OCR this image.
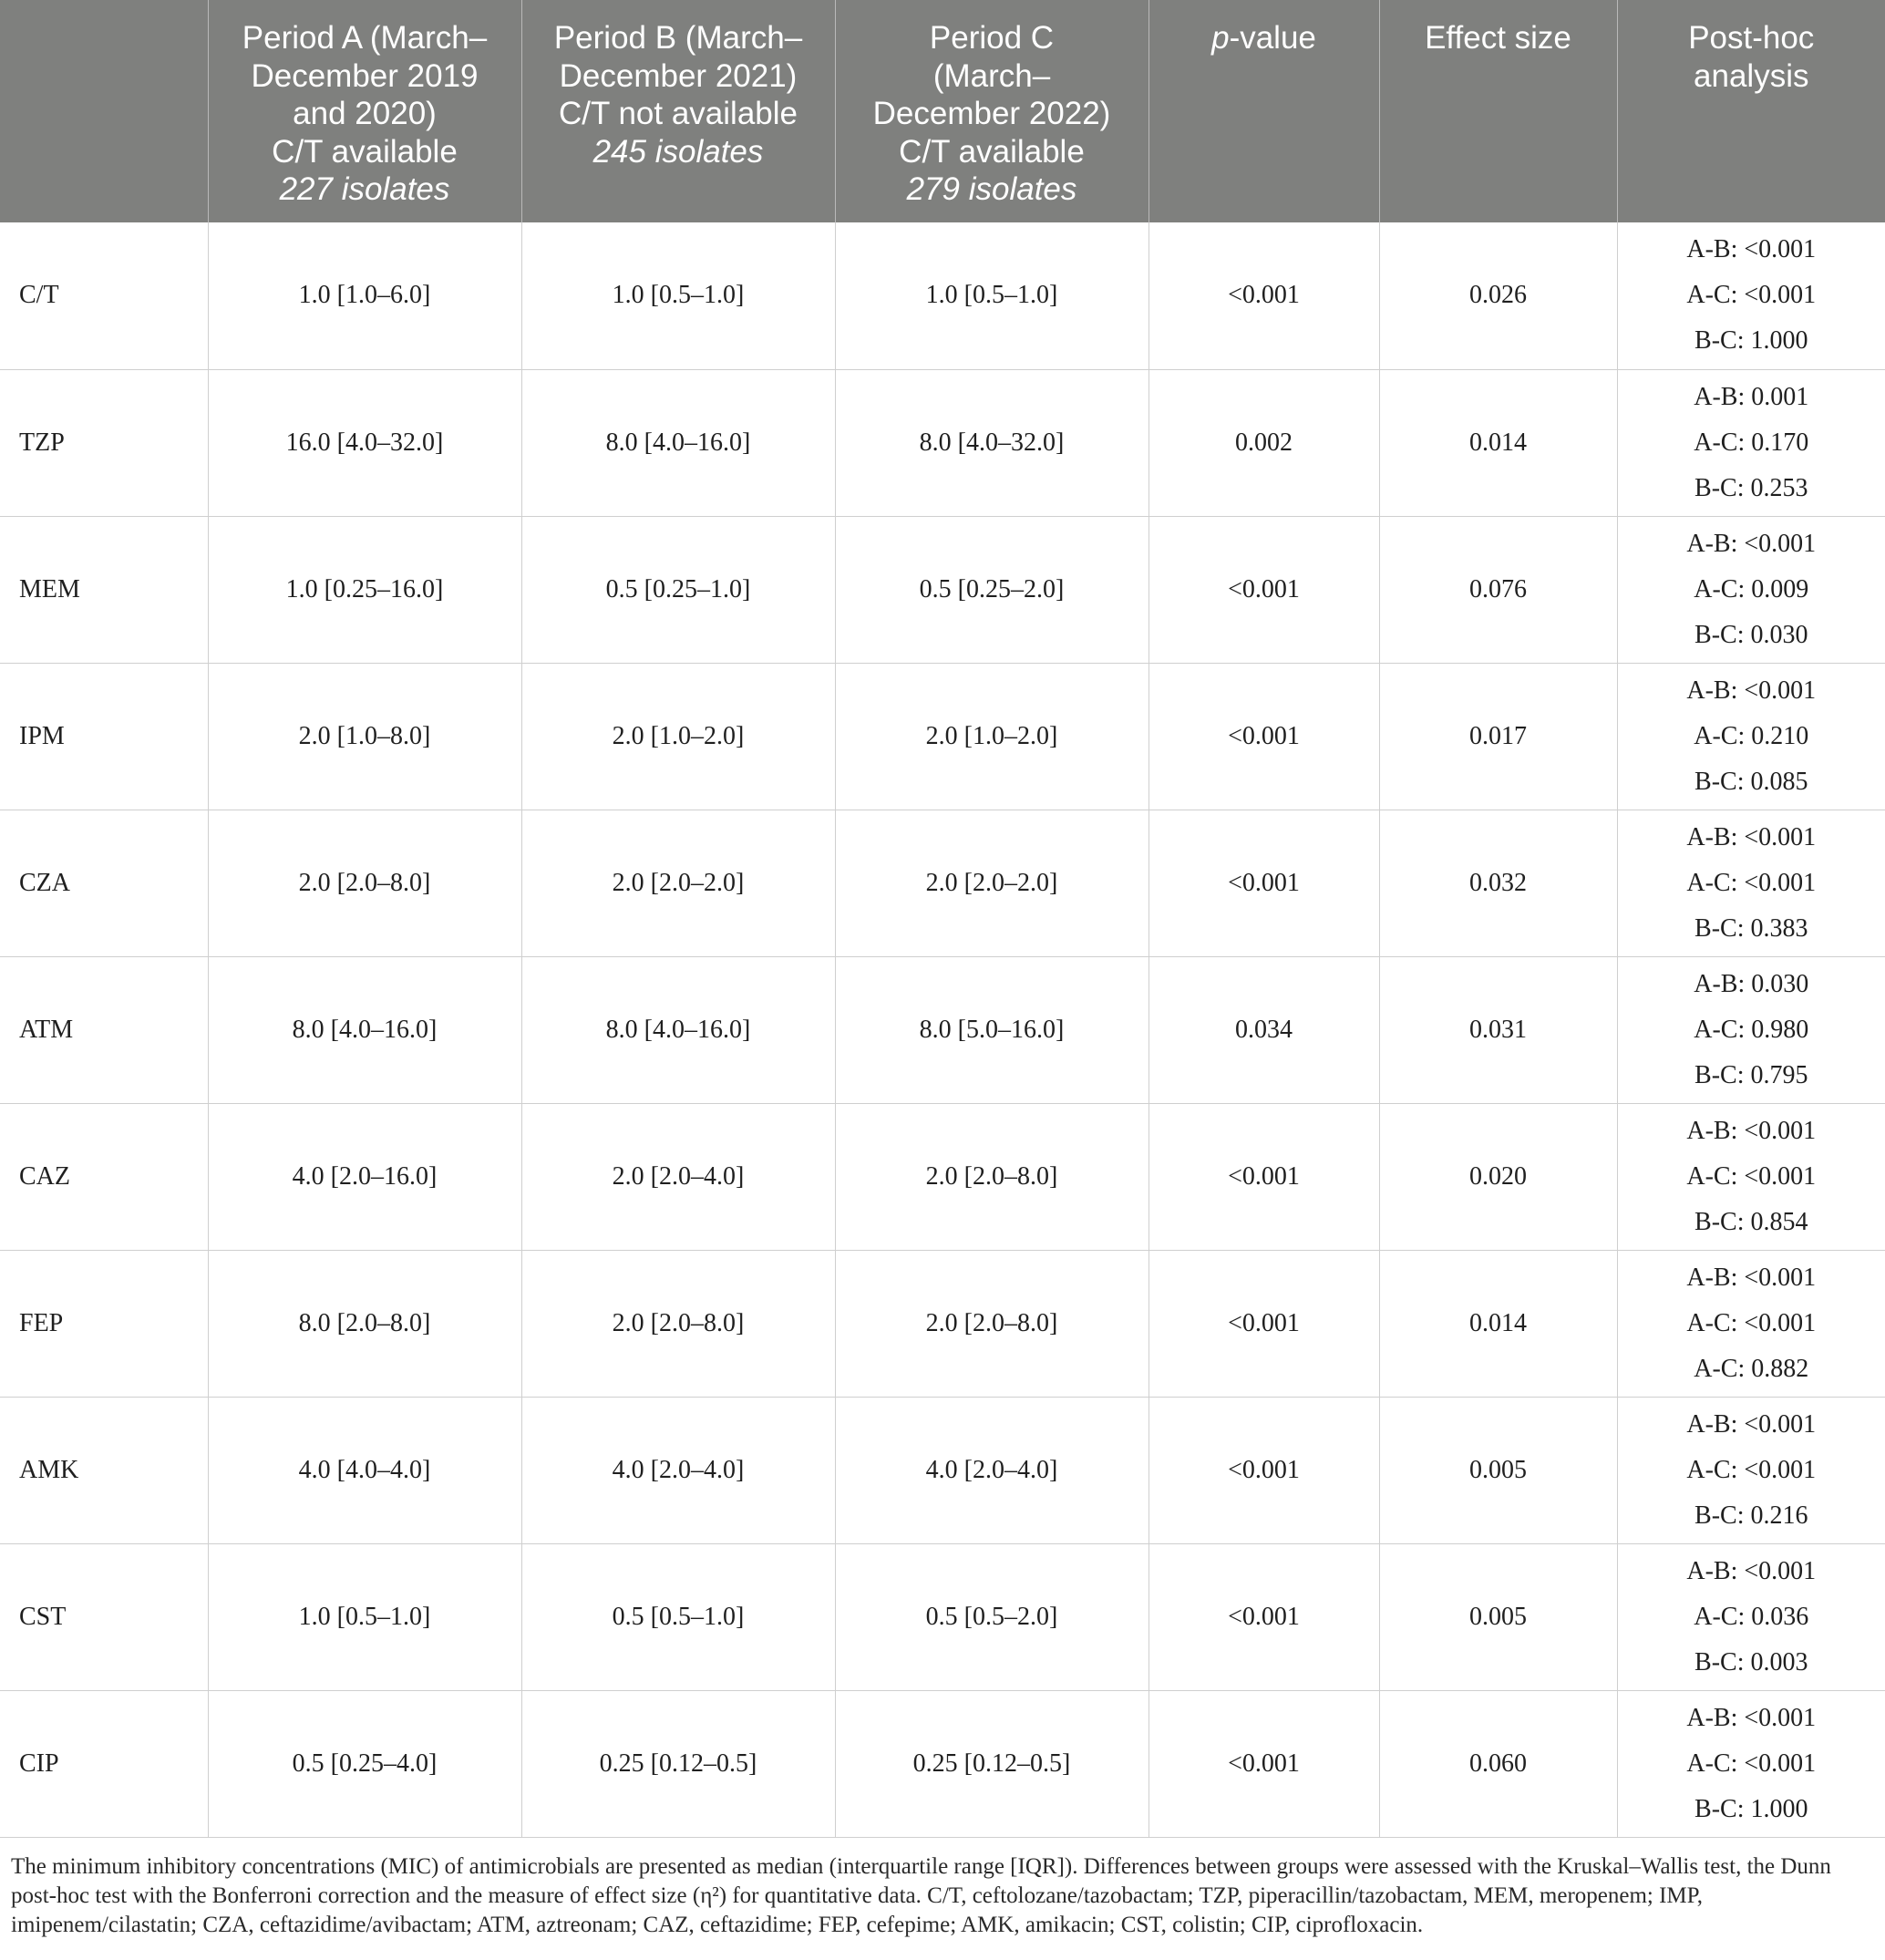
	Period A (March–
December 2019
and 2020)
C/T available
227 isolates	Period B (March–
December 2021)
C/T not available
245 isolates	Period C
(March–
December 2022)
C/T available
279 isolates	p-value	Effect size	Post-hoc
analysis

C/T	1.0 [1.0–6.0]	1.0 [0.5–1.0]	1.0 [0.5–1.0]	<0.001	0.026	A-B: <0.001
A-C: <0.001
B-C: 1.000

TZP	16.0 [4.0–32.0]	8.0 [4.0–16.0]	8.0 [4.0–32.0]	0.002	0.014	A-B: 0.001
A-C: 0.170
B-C: 0.253

MEM	1.0 [0.25–16.0]	0.5 [0.25–1.0]	0.5 [0.25–2.0]	<0.001	0.076	A-B: <0.001
A-C: 0.009
B-C: 0.030

IPM	2.0 [1.0–8.0]	2.0 [1.0–2.0]	2.0 [1.0–2.0]	<0.001	0.017	A-B: <0.001
A-C: 0.210
B-C: 0.085

CZA	2.0 [2.0–8.0]	2.0 [2.0–2.0]	2.0 [2.0–2.0]	<0.001	0.032	A-B: <0.001
A-C: <0.001
B-C: 0.383

ATM	8.0 [4.0–16.0]	8.0 [4.0–16.0]	8.0 [5.0–16.0]	0.034	0.031	A-B: 0.030
A-C: 0.980
B-C: 0.795

CAZ	4.0 [2.0–16.0]	2.0 [2.0–4.0]	2.0 [2.0–8.0]	<0.001	0.020	A-B: <0.001
A-C: <0.001
B-C: 0.854

FEP	8.0 [2.0–8.0]	2.0 [2.0–8.0]	2.0 [2.0–8.0]	<0.001	0.014	A-B: <0.001
A-C: <0.001
A-C: 0.882

AMK	4.0 [4.0–4.0]	4.0 [2.0–4.0]	4.0 [2.0–4.0]	<0.001	0.005	A-B: <0.001
A-C: <0.001
B-C: 0.216

CST	1.0 [0.5–1.0]	0.5 [0.5–1.0]	0.5 [0.5–2.0]	<0.001	0.005	A-B: <0.001
A-C: 0.036
B-C: 0.003

CIP	0.5 [0.25–4.0]	0.25 [0.12–0.5]	0.25 [0.12–0.5]	<0.001	0.060	A-B: <0.001
A-C: <0.001
B-C: 1.000

The minimum inhibitory concentrations (MIC) of antimicrobials are presented as median (interquartile range [IQR]). Differences between groups were assessed with the Kruskal–Wallis test, the Dunn post-hoc test with the Bonferroni correction and the measure of effect size (η²) for quantitative data. C/T, ceftolozane/tazobactam; TZP, piperacillin/tazobactam, MEM, meropenem; IMP, imipenem/cilastatin; CZA, ceftazidime/avibactam; ATM, aztreonam; CAZ, ceftazidime; FEP, cefepime; AMK, amikacin; CST, colistin; CIP, ciprofloxacin.
